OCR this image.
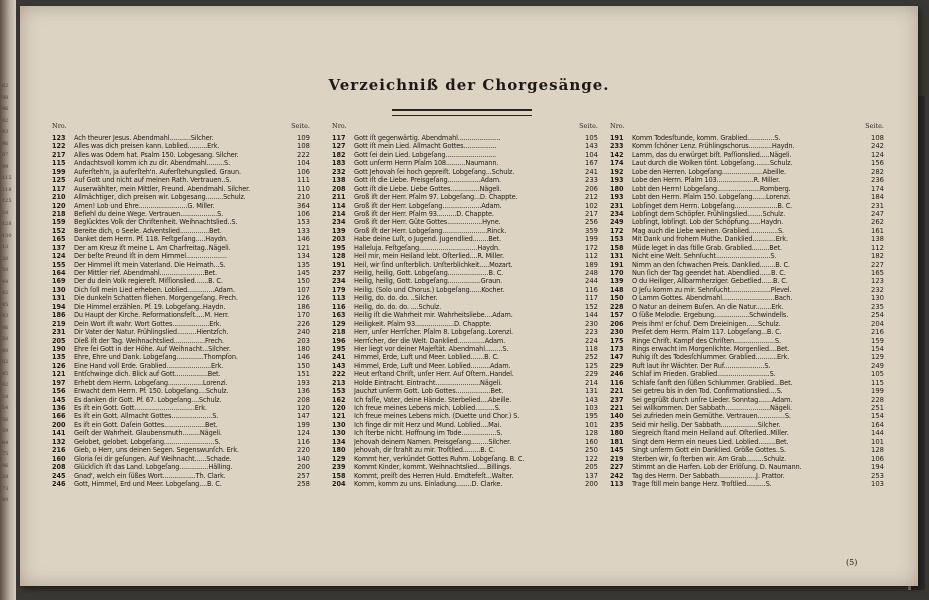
82
98
96
92
93
96
97
99
115
118
125
24
128
130
13
20
50
44
42
45
93
86
50
40
02
45
92
24
54
56
59
64
75
96
28
73
40
Verzeichniß der Chorgesänge.
Nro.	Seite.
123	Ach theurer Jesus. Abendmahl...........Silcher.	109
122	Alles was dich preisen kann. Loblied..........Erk.	108
217	Alles was Odem hat. Psalm 150. Lobgesang. Silcher.	222
115	Andachtsvoll komm ich zu dir. Abendmahl.........S.	104
199	Auferſteh'n, ja auferſteh'n. Auferſtehungslied. Graun.	106
125	Auf Gott und nicht auf meinen Rath. Vertrauen..S.	111
117	Auserwählter, mein Mittler, Freund. Abendmahl. Silcher.	110
210	Allmächtiger, dich preisen wir. Lobgesang.........Schulz.	210
120	Amen! Lob und Ehre.........................G. Miller.	364
218	Befiehl du deine Wege. Vertrauen...................S.	106
159	Beglücktes Volk der Chriſtenheit. Weihnachtslied..S.	153
152	Bereite dich, o Seele. Adventslied...............Bet.	133
165	Danket dem Herrn. Pf. 118. Feſtgeſang.....Haydn.	146
137	Der am Kreuz iſt meine L. Am Charfreitag..Nägeli.	121
124	Der beſte Freund iſt in dem Himmel.....................	134
155	Der Himmel iſt mein Vaterland. Die Heimath...S.	135
164	Der Mittler rief. Abendmahl.......................Bet.	145
169	Der du dein Volk regiereſt. Miſſionslied.......B. C.	150
130	Dich ſoll mein Lied erheben. Loblied..............Adam.	107
131	Die dunkeln Schatten fliehen. Morgengeſang. Frech.	126
194	Die Himmel erzählen. Pf. 19. Lobgeſang..Haydn.	186
186	Du Haupt der Kirche. Reformationsfeſt.....M. Herr.	170
219	Dein Wort iſt wahr. Wort Gottes...................Erk.	226
231	Dir Vater der Natur. Frühlingslied..........Hientzſch.	240
205	Dieß iſt der Tag. Weihnachtslied................Frech.	203
190	Ehre ſei Gott in der Höhe. Auf Weihnacht...Silcher.	180
135	Ehre, Ehre und Dank. Lobgeſang..............Thompſon.	146
126	Eine Hand voll Erde. Grablied.......................Erk.	150
121	Entſchwinge dich. Blick auf Gott.................Bet.	151
197	Erhebt dem Herrn. Lobgeſang..................Lorenzi.	193
156	Erwacht dem Herrn. Pf. 150. Lobgeſang....Schulz.	136
145	Es danken dir Gott. Pf. 67. Lobgeſang....Schulz.	208
136	Es iſt ein Gott. Gott...............................Erk.	120
166	Es iſt ein Gott. Allmacht Gottes.....................S.	147
200	Es iſt ein Gott. Daſein Gottes.....................Bet.	199
141	Geiſt der Wahrheit. Glaubensmuth.........Nägeli.	124
132	Gelobet, gelobet. Lobgeſang..........................S.	116
216	Gieb, o Herr, uns deinen Segen. Segenswunſch. Erk.	220
160	Gloria ſei dir geſungen. Auf Weihnacht......Schade.	140
208	Glückſich iſt das Land. Lobgeſang...............Hälling.	200
245	Gnad', welch ein ſüßes Wort.................Th. Clark.	257
246	Gott, Himmel, Erd und Meer. Lobgeſang....B. C.	258
Nro.	Seite.
117	Gott iſt gegenwärtig. Abendmahl......................	105
127	Gott iſt mein Lied. Allmacht Gottes.................	143
182	Gott ſei dein Lied. Lobgeſang..........................	104
183	Gott unſerm Herrn Pſalm 108..........Naumann.	167
232	Gott Jehovah ſei hoch gepreiſt. Lobgeſang...Schulz.	241
138	Gott iſt die Liebe. Preisgeſang.................Adam.	233
208	Gott iſt die Liebe. Liebe Gottes...............Nägeli.	206
211	Groß iſt der Herr. Pſalm 97. Lobgeſang...D. Chappte.	212
114	Groß iſt der Herr. Lobgeſang....................Adam.	102
214	Groß iſt der Herr. Pſalm 93..........D. Chappte.	217
234	Groß iſt der Herr. Güte Gottes..................Hyne.	256
139	Groß iſt der Herr. Lobgeſang.......................Rinck.	359
203	Habe deine Luſt, o Jugend. Jugendlied........Bet.	199
195	Halleluja. Feſtgeſang..............................Haydn.	172
128	Heil mir, mein Heiland lebt. Oſterlied....R. Miller.	112
191	Heil, wir ſind unſterblich. Unſterblichkeit.....Mozart.	189
237	Heilig, heilig, Gott. Lobgeſang.....................B. C.	248
234	Heilig, heilig, Gott. Lobgeſang.................Graun.	244
179	Heilig. (Solo und Chorus.) Lobgeſang......Kocher.	116
113	Heilig, do. do. do. ..Silcher.	117
116	Heilig, do. do. do. ....Schulz.	152
163	Heilig iſt die Wahrheit mir. Wahrheitsliebe....Adam.	144
129	Heiligkeit. Pſalm 93....................D. Chappte.	230
218	Herr, unſer Herrſcher. Pſalm 8. Lobgeſang..Lorenzi.	223
196	Herrſcher, der die Welt. Danklied..............Adam.	224
195	Hier liegt vor deiner Majeſtät. Abendmahl.........S.	118
241	Himmel, Erde, Luft und Meer. Loblied.......B. C.	252
143	Himmel, Erde, Luft und Meer. Loblied..........Adam.	125
222	Heut erſtand Chriſt, unſer Herr. Auf Oſtern..Handel.	229
213	Holde Eintracht. Eintracht.......................Nägeli.	214
153	Jauchzt unſerm Gott. Lob Gottes..................Bet.	131
162	Ich faſſe, Vater, deine Hände. Sterbelied....Abeille.	143
120	Ich freue meines Lebens mich. Loblied..........S.	103
121	Ich freue meines Lebens mich. (Duette und Chor.) S.	195
130	Ich finge dir mit Herz und Mund. Loblied....Mai.	101
130	Ich ſterbe nicht. Hoffnung im Tode..................S.	128
134	Jehovah deinem Namen. Preisgeſang.........Silcher.	160
180	Jehovah, dir ſtrahlt zu mir. Troſtlied.........B. C.	250
129	Kommt her, verkündet Gottes Ruhm. Lobgeſang. B. C.	122
239	Kommt Kinder, kommt. Weihnachtslied.....Billings.	205
158	Kommt, preiſt des Herren Huld. Erndtefeſt...Walter.	137
204	Komm, komm zu uns. Einladung........D. Clarke.	200
Nro.	Seite.
191	Komm Todesſtunde, komm. Grablied..............S.	108
233	Komm ſchöner Lenz. Frühlingschorus............Haydn.	242
142	Lamm, das du erwürget biſt. Paſſionslied.....Nägeli.	124
174	Laut durch die Wolken tönt. Lobgeſang........Schulz.	156
192	Lobe den Herren. Lobgeſang.....................Abeille.	282
193	Lobe den Herrn. Pſalm 103...................R. Miller.	236
180	Lobt den Herrn! Lobgeſang......................Romberg.	174
193	Lobt den Herrn. Pſalm 150. Lobgeſang.......Lorenzi.	184
231	Lobſinget dem Herrn. Lobgeſang......................B. C.	231
234	Lobſingt dem Schöpfer. Frühlingslied........Schulz.	247
249	Lobſingt, lobſingt. Lob der Schöpfung......Haydn.	262
172	Mag auch die Liebe weinen. Grablied...............S.	161
153	Mit Dank und frohem Muthe. Danklied............Erk.	138
158	Müde leget in das ſtille Grab. Grablied.........Bet.	112
131	Nicht eine Welt. Sehnſucht............................S.	182
191	Nimm an den ſchwachen Preis. Danklied........B. C.	227
170	Nun ſich der Tag geendet hat. Abendlied......B. C.	165
139	O du Heiliger, Allbarmherziger. Gebetlied......B. C.	123
148	O Jeſu komm zu mir. Sehnſucht.....................Plevel.	232
150	O Lamm Gottes. Abendmahl...........................Bach.	130
228	O Natur an deinem Buſen. An die Natur........Erk.	235
157	O ſüße Melodie. Ergebung..................Schwindells.	254
206	Preis ihm! er ſchuf. Dem Dreieinigen......Schulz.	204
230	Preiſet dem Herrn. Pſalm 117. Lobgeſang...B. C.	216
175	Ringe Chriſt. Kampf des Chriſten.....................S.	159
173	Rings erwacht im Morgenlichte. Morgenlied....Bet.	154
147	Ruhig iſt des Todesſchlummer. Grablied...........Erk.	129
229	Ruft laut ihr Wächter. Der Ruf.....................S.	249
246	Schlaf im Frieden. Grablied...........................S.	105
116	Schlafe ſanft den ſüßen Schlummer. Grablied...Bet.	115
221	Sei getreu bis in den Tod. Confirmationslied....S.	199
237	Sei gegrüßt durch unſre Lieder. Sonntag.......Adam.	228
221	Sei willkommen. Der Sabbath.......................Nägeli.	251
140	Sei zufrieden mein Gemüthe. Vertrauen..............S.	154
235	Seid mir heilig. Der Sabbath...................Silcher.	164
180	Siegreich ſtand mein Heiland auf. Oſterlied..Miller.	144
181	Singt dem Herrn ein neues Lied. Loblied.........Bet.	101
145	Singt unſerm Gott ein Danklied. Größe Gottes..S.	128
219	Sterben wir, ſo ſterben wir. Am Grab.........Schulz.	106
227	Stimmt an die Harfen. Lob der Erlöſung. D. Naumann.	194
242	Tag des Herrn. Der Sabbath...................J. Prattor.	253
113	Trage ſtill mein bange Herz. Troſtlied..........S.	103
(5)
